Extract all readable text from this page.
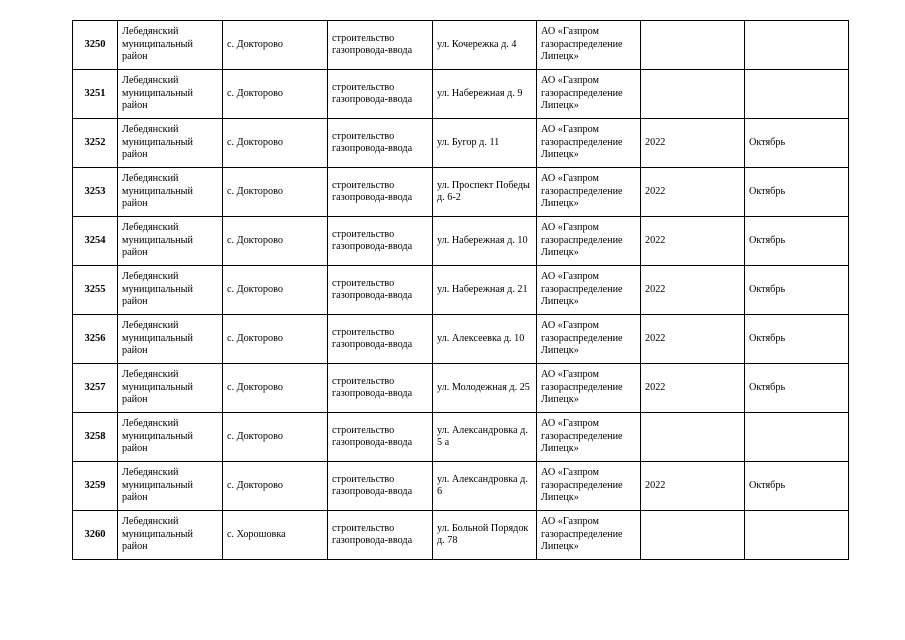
3250	Лебедянский муниципальный район	с. Докторово	строительство газопровода-ввода	ул. Кочережка д. 4	АО «Газпром газораспределение Липецк»		
3251	Лебедянский муниципальный район	с. Докторово	строительство газопровода-ввода	ул. Набережная д. 9	АО «Газпром газораспределение Липецк»		
3252	Лебедянский муниципальный район	с. Докторово	строительство газопровода-ввода	ул. Бугор д. 11	АО «Газпром газораспределение Липецк»	2022	Октябрь
3253	Лебедянский муниципальный район	с. Докторово	строительство газопровода-ввода	ул. Проспект Победы д. 6-2	АО «Газпром газораспределение Липецк»	2022	Октябрь
3254	Лебедянский муниципальный район	с. Докторово	строительство газопровода-ввода	ул. Набережная д. 10	АО «Газпром газораспределение Липецк»	2022	Октябрь
3255	Лебедянский муниципальный район	с. Докторово	строительство газопровода-ввода	ул. Набережная д. 21	АО «Газпром газораспределение Липецк»	2022	Октябрь
3256	Лебедянский муниципальный район	с. Докторово	строительство газопровода-ввода	ул. Алексеевка д. 10	АО «Газпром газораспределение Липецк»	2022	Октябрь
3257	Лебедянский муниципальный район	с. Докторово	строительство газопровода-ввода	ул. Молодежная д. 25	АО «Газпром газораспределение Липецк»	2022	Октябрь
3258	Лебедянский муниципальный район	с. Докторово	строительство газопровода-ввода	ул. Александровка д. 5 а	АО «Газпром газораспределение Липецк»		
3259	Лебедянский муниципальный район	с. Докторово	строительство газопровода-ввода	ул. Александровка д. 6	АО «Газпром газораспределение Липецк»	2022	Октябрь
3260	Лебедянский муниципальный район	с. Хорошовка	строительство газопровода-ввода	ул. Больной Порядок д. 78	АО «Газпром газораспределение Липецк»		
